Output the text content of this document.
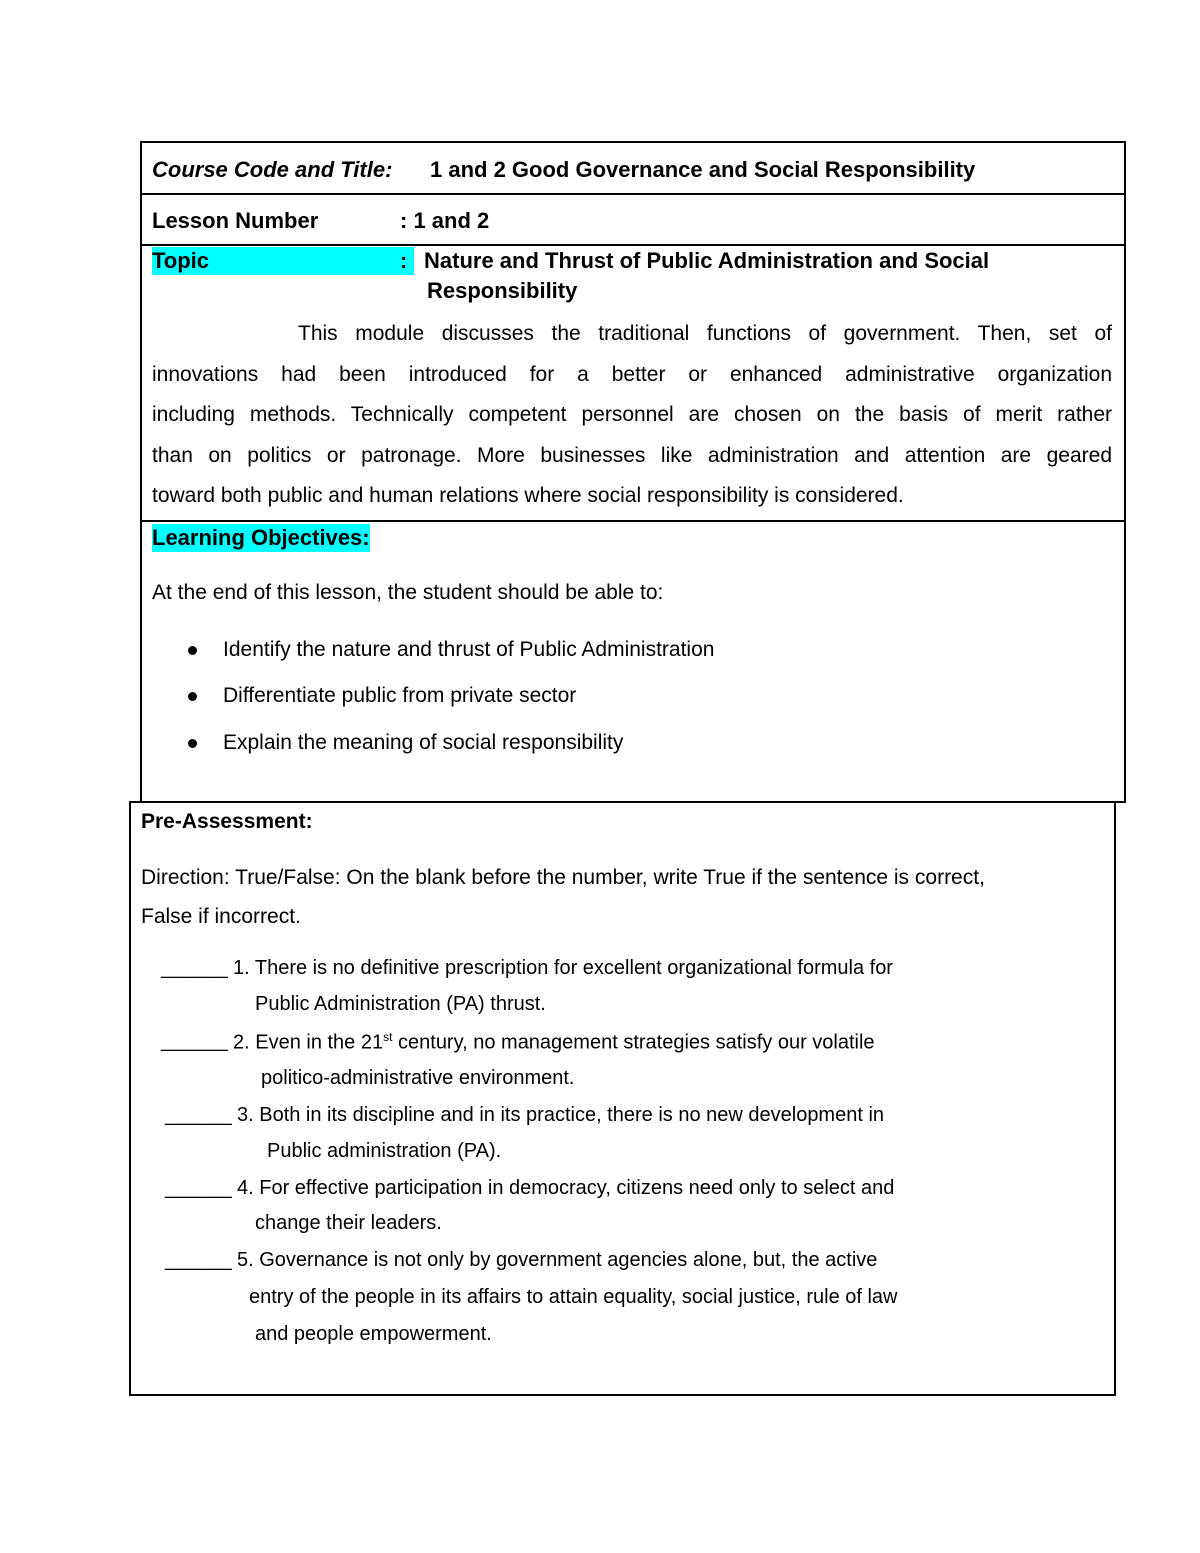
Course Code and Title: 1 and 2 Good Governance and Social Responsibility
Lesson Number	: 1 and 2
Topic	: Nature and Thrust of Public Administration and Social
Responsibility
This module discusses the traditional functions of government. Then, set of
innovations had been introduced for a better or enhanced administrative organization
including methods. Technically competent personnel are chosen on the basis of merit rather
than on politics or patronage. More businesses like administration and attention are geared
toward both public and human relations where social responsibility is considered.
Learning Objectives:
At the end of this lesson, the student should be able to:
Identify the nature and thrust of Public Administration
Differentiate public from private sector
Explain the meaning of social responsibility
Pre-Assessment:
Direction: True/False: On the blank before the number, write True if the sentence is correct,
False if incorrect.
______ 1. There is no definitive prescription for excellent organizational formula for
Public Administration (PA) thrust.
______ 2. Even in the 21st century, no management strategies satisfy our volatile
politico-administrative environment.
______ 3. Both in its discipline and in its practice, there is no new development in
Public administration (PA).
______ 4. For effective participation in democracy, citizens need only to select and
change their leaders.
______ 5. Governance is not only by government agencies alone, but, the active
entry of the people in its affairs to attain equality, social justice, rule of law
and people empowerment.
